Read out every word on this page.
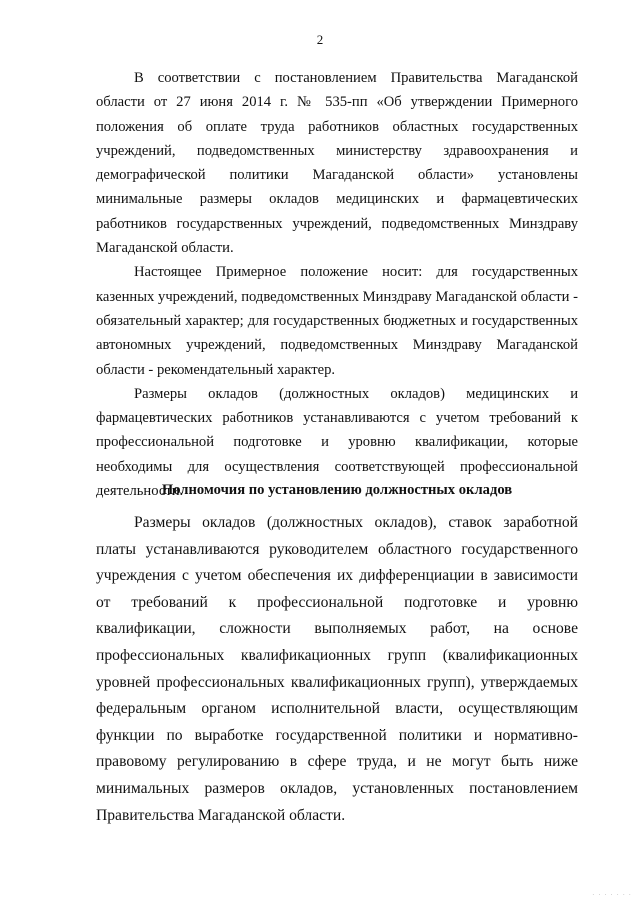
2

В соответствии с постановлением Правительства Магаданской области от 27 июня 2014 г. № 535-пп «Об утверждении Примерного положения об оплате труда работников областных государственных учреждений, подведомственных министерству здравоохранения и демографической политики Магаданской области» установлены минимальные размеры окладов медицинских и фармацевтических работников государственных учреждений, подведомственных Минздраву Магаданской области.

Настоящее Примерное положение носит: для государственных казенных учреждений, подведомственных Минздраву Магаданской области - обязательный характер; для государственных бюджетных и государственных автономных учреждений, подведомственных Минздраву Магаданской области - рекомендательный характер.

Размеры окладов (должностных окладов) медицинских и фармацевтических работников устанавливаются с учетом требований к профессиональной подготовке и уровню квалификации, которые необходимы для осуществления соответствующей профессиональной деятельности.

Полномочия по установлению должностных окладов

Размеры окладов (должностных окладов), ставок заработной платы устанавливаются руководителем областного государственного учреждения с учетом обеспечения их дифференциации в зависимости от требований к профессиональной подготовке и уровню квалификации, сложности выполняемых работ, на основе профессиональных квалификационных групп (квалификационных уровней профессиональных квалификационных групп), утверждаемых федеральным органом исполнительной власти, осуществляющим функции по выработке государственной политики и нормативно-правовому регулированию в сфере труда, и не могут быть ниже минимальных размеров окладов, установленных постановлением Правительства Магаданской области.

· · · · · · ·
